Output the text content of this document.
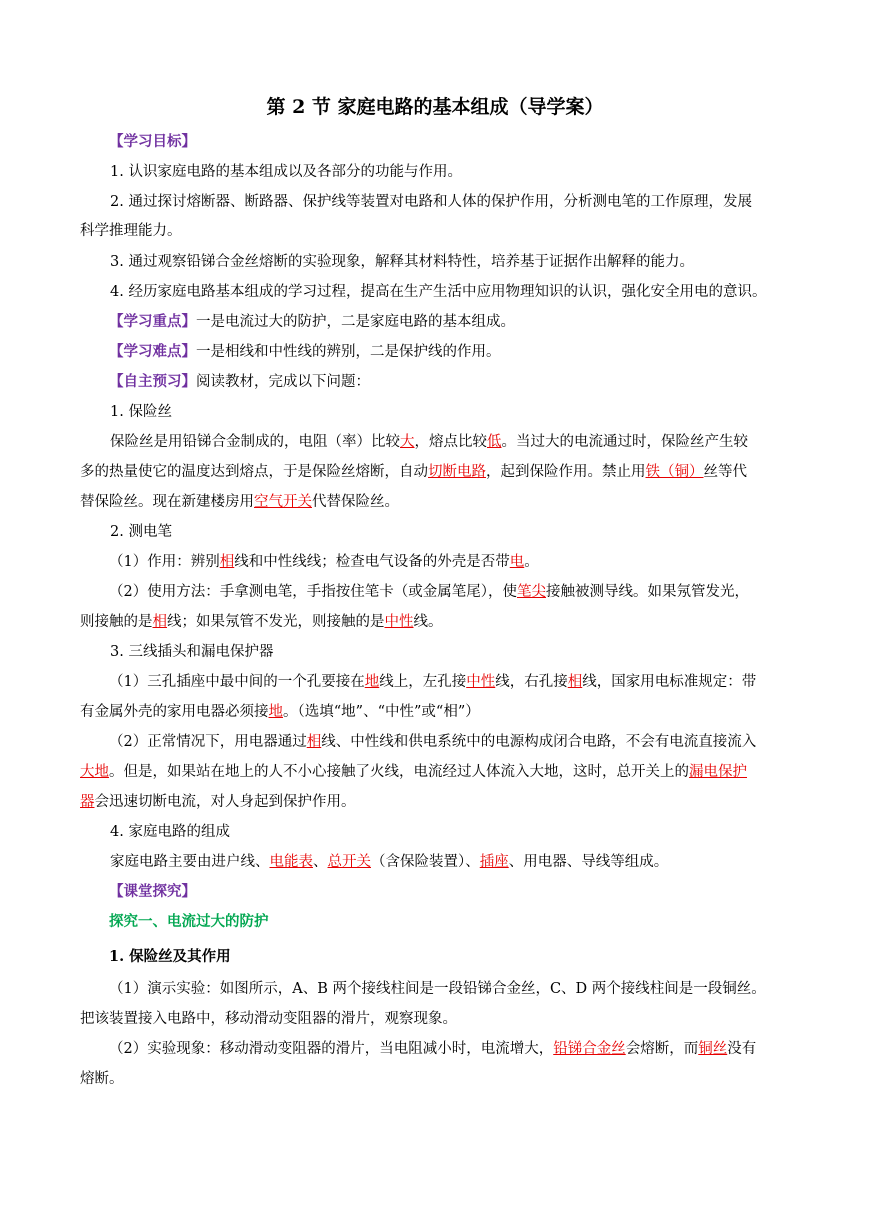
第 2 节 家庭电路的基本组成（导学案）
【学习目标】
1. 认识家庭电路的基本组成以及各部分的功能与作用。
2. 通过探讨熔断器、断路器、保护线等装置对电路和人体的保护作用，分析测电笔的工作原理，发展
科学推理能力。
3. 通过观察铅锑合金丝熔断的实验现象，解释其材料特性，培养基于证据作出解释的能力。
4. 经历家庭电路基本组成的学习过程，提高在生产生活中应用物理知识的认识，强化安全用电的意识。
【学习重点】一是电流过大的防护，二是家庭电路的基本组成。
【学习难点】一是相线和中性线的辨别，二是保护线的作用。
【自主预习】阅读教材，完成以下问题：
1. 保险丝
保险丝是用铅锑合金制成的，电阻（率）比较大，熔点比较低。当过大的电流通过时，保险丝产生较
多的热量使它的温度达到熔点，于是保险丝熔断，自动切断电路，起到保险作用。禁止用铁（铜）丝等代
替保险丝。现在新建楼房用空气开关代替保险丝。
2. 测电笔
（1）作用：辨别相线和中性线线；检查电气设备的外壳是否带电。
（2）使用方法：手拿测电笔，手指按住笔卡（或金属笔尾），使笔尖接触被测导线。如果氖管发光，
则接触的是相线；如果氖管不发光，则接触的是中性线。
3. 三线插头和漏电保护器
（1）三孔插座中最中间的一个孔要接在地线上，左孔接中性线，右孔接相线，国家用电标准规定：带
有金属外壳的家用电器必须接地。（选填“地”、“中性”或“相”）
（2）正常情况下，用电器通过相线、中性线和供电系统中的电源构成闭合电路，不会有电流直接流入
大地。但是，如果站在地上的人不小心接触了火线，电流经过人体流入大地，这时，总开关上的漏电保护
器会迅速切断电流，对人身起到保护作用。
4. 家庭电路的组成
家庭电路主要由进户线、电能表、总开关（含保险装置）、插座、用电器、导线等组成。
【课堂探究】
探究一、电流过大的防护
1. 保险丝及其作用
（1）演示实验：如图所示，A、B 两个接线柱间是一段铅锑合金丝，C、D 两个接线柱间是一段铜丝。
把该装置接入电路中，移动滑动变阻器的滑片，观察现象。
（2）实验现象：移动滑动变阻器的滑片，当电阻减小时，电流增大，铅锑合金丝会熔断，而铜丝没有
熔断。
